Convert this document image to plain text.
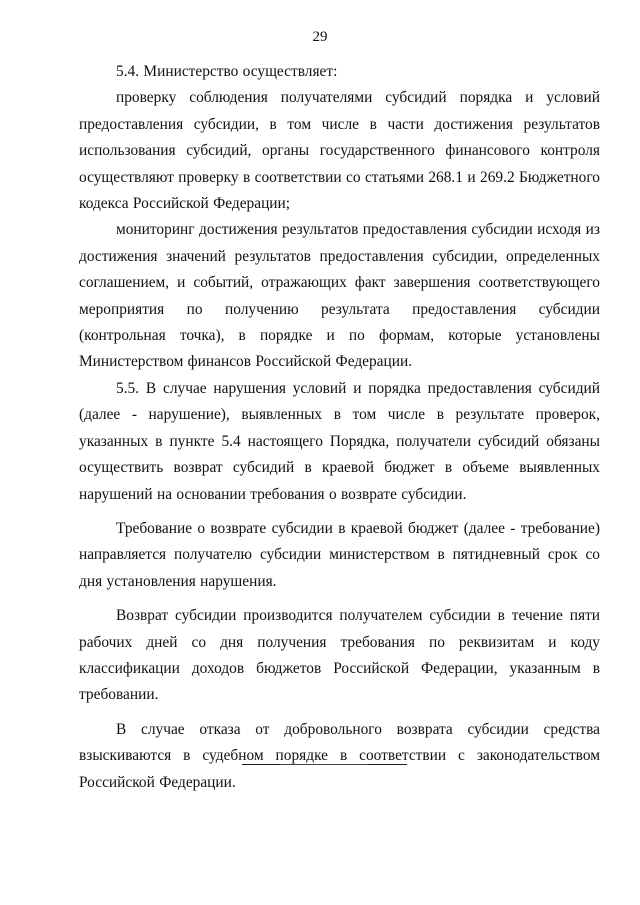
29

5.4. Министерство осуществляет:

проверку соблюдения получателями субсидий порядка и условий предоставления субсидии, в том числе в части достижения результатов использования субсидий, органы государственного финансового контроля осуществляют проверку в соответствии со статьями 268.1 и 269.2 Бюджетного кодекса Российской Федерации;

мониторинг достижения результатов предоставления субсидии исходя из достижения значений результатов предоставления субсидии, определенных соглашением, и событий, отражающих факт завершения соответствующего мероприятия по получению результата предоставления субсидии (контрольная точка), в порядке и по формам, которые установлены Министерством финансов Российской Федерации.

5.5. В случае нарушения условий и порядка предоставления субсидий (далее - нарушение), выявленных в том числе в результате проверок, указанных в пункте 5.4 настоящего Порядка, получатели субсидий обязаны осуществить возврат субсидий в краевой бюджет в объеме выявленных нарушений на основании требования о возврате субсидии.

Требование о возврате субсидии в краевой бюджет (далее - требование) направляется получателю субсидии министерством в пятидневный срок со дня установления нарушения.

Возврат субсидии производится получателем субсидии в течение пяти рабочих дней со дня получения требования по реквизитам и коду классификации доходов бюджетов Российской Федерации, указанным в требовании.

В случае отказа от добровольного возврата субсидии средства взыскиваются в судебном порядке в соответствии с законодательством Российской Федерации.
